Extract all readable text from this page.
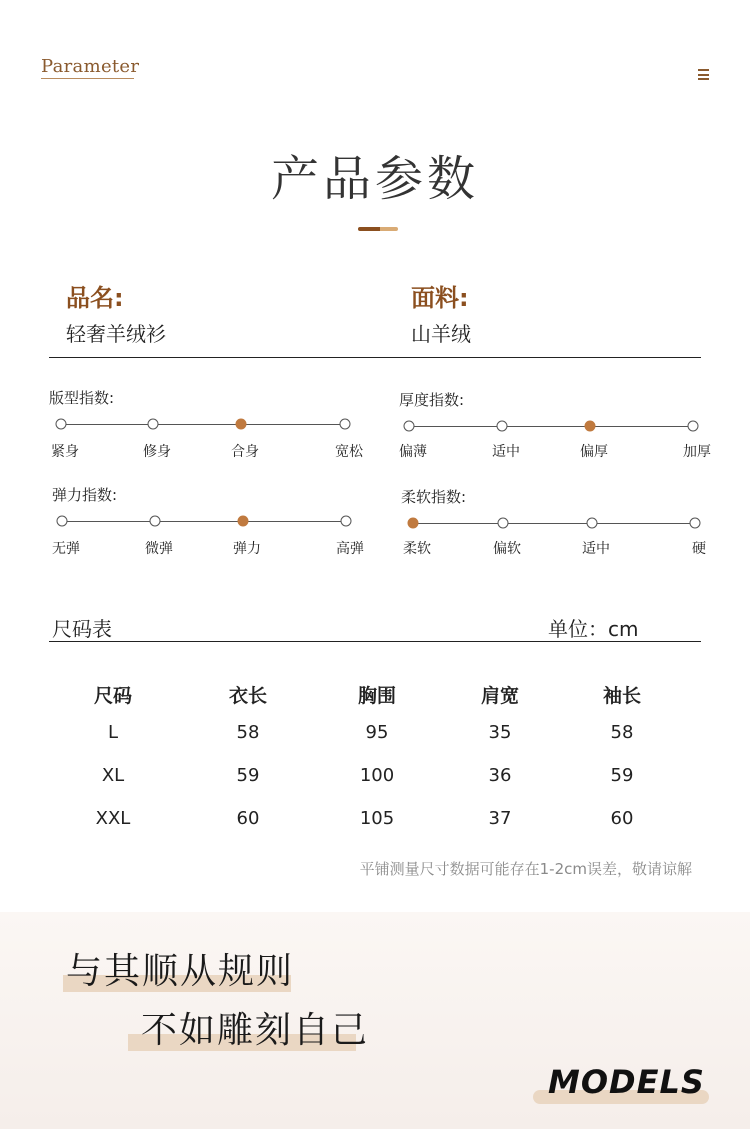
Parameter
产品参数
品名:
轻奢羊绒衫
面料:
山羊绒
版型指数:
紧身	修身	合身	宽松
厚度指数:
偏薄	适中	偏厚	加厚
弹力指数:
无弹	微弹	弹力	高弹
柔软指数:
柔软	偏软	适中	硬
尺码表	单位：cm
尺码	衣长	胸围	肩宽	袖长
L	58	95	35	58
XL	59	100	36	59
XXL	60	105	37	60
平铺测量尺寸数据可能存在1-2cm误差，敬请谅解
与其顺从规则
不如雕刻自己
MODELS
